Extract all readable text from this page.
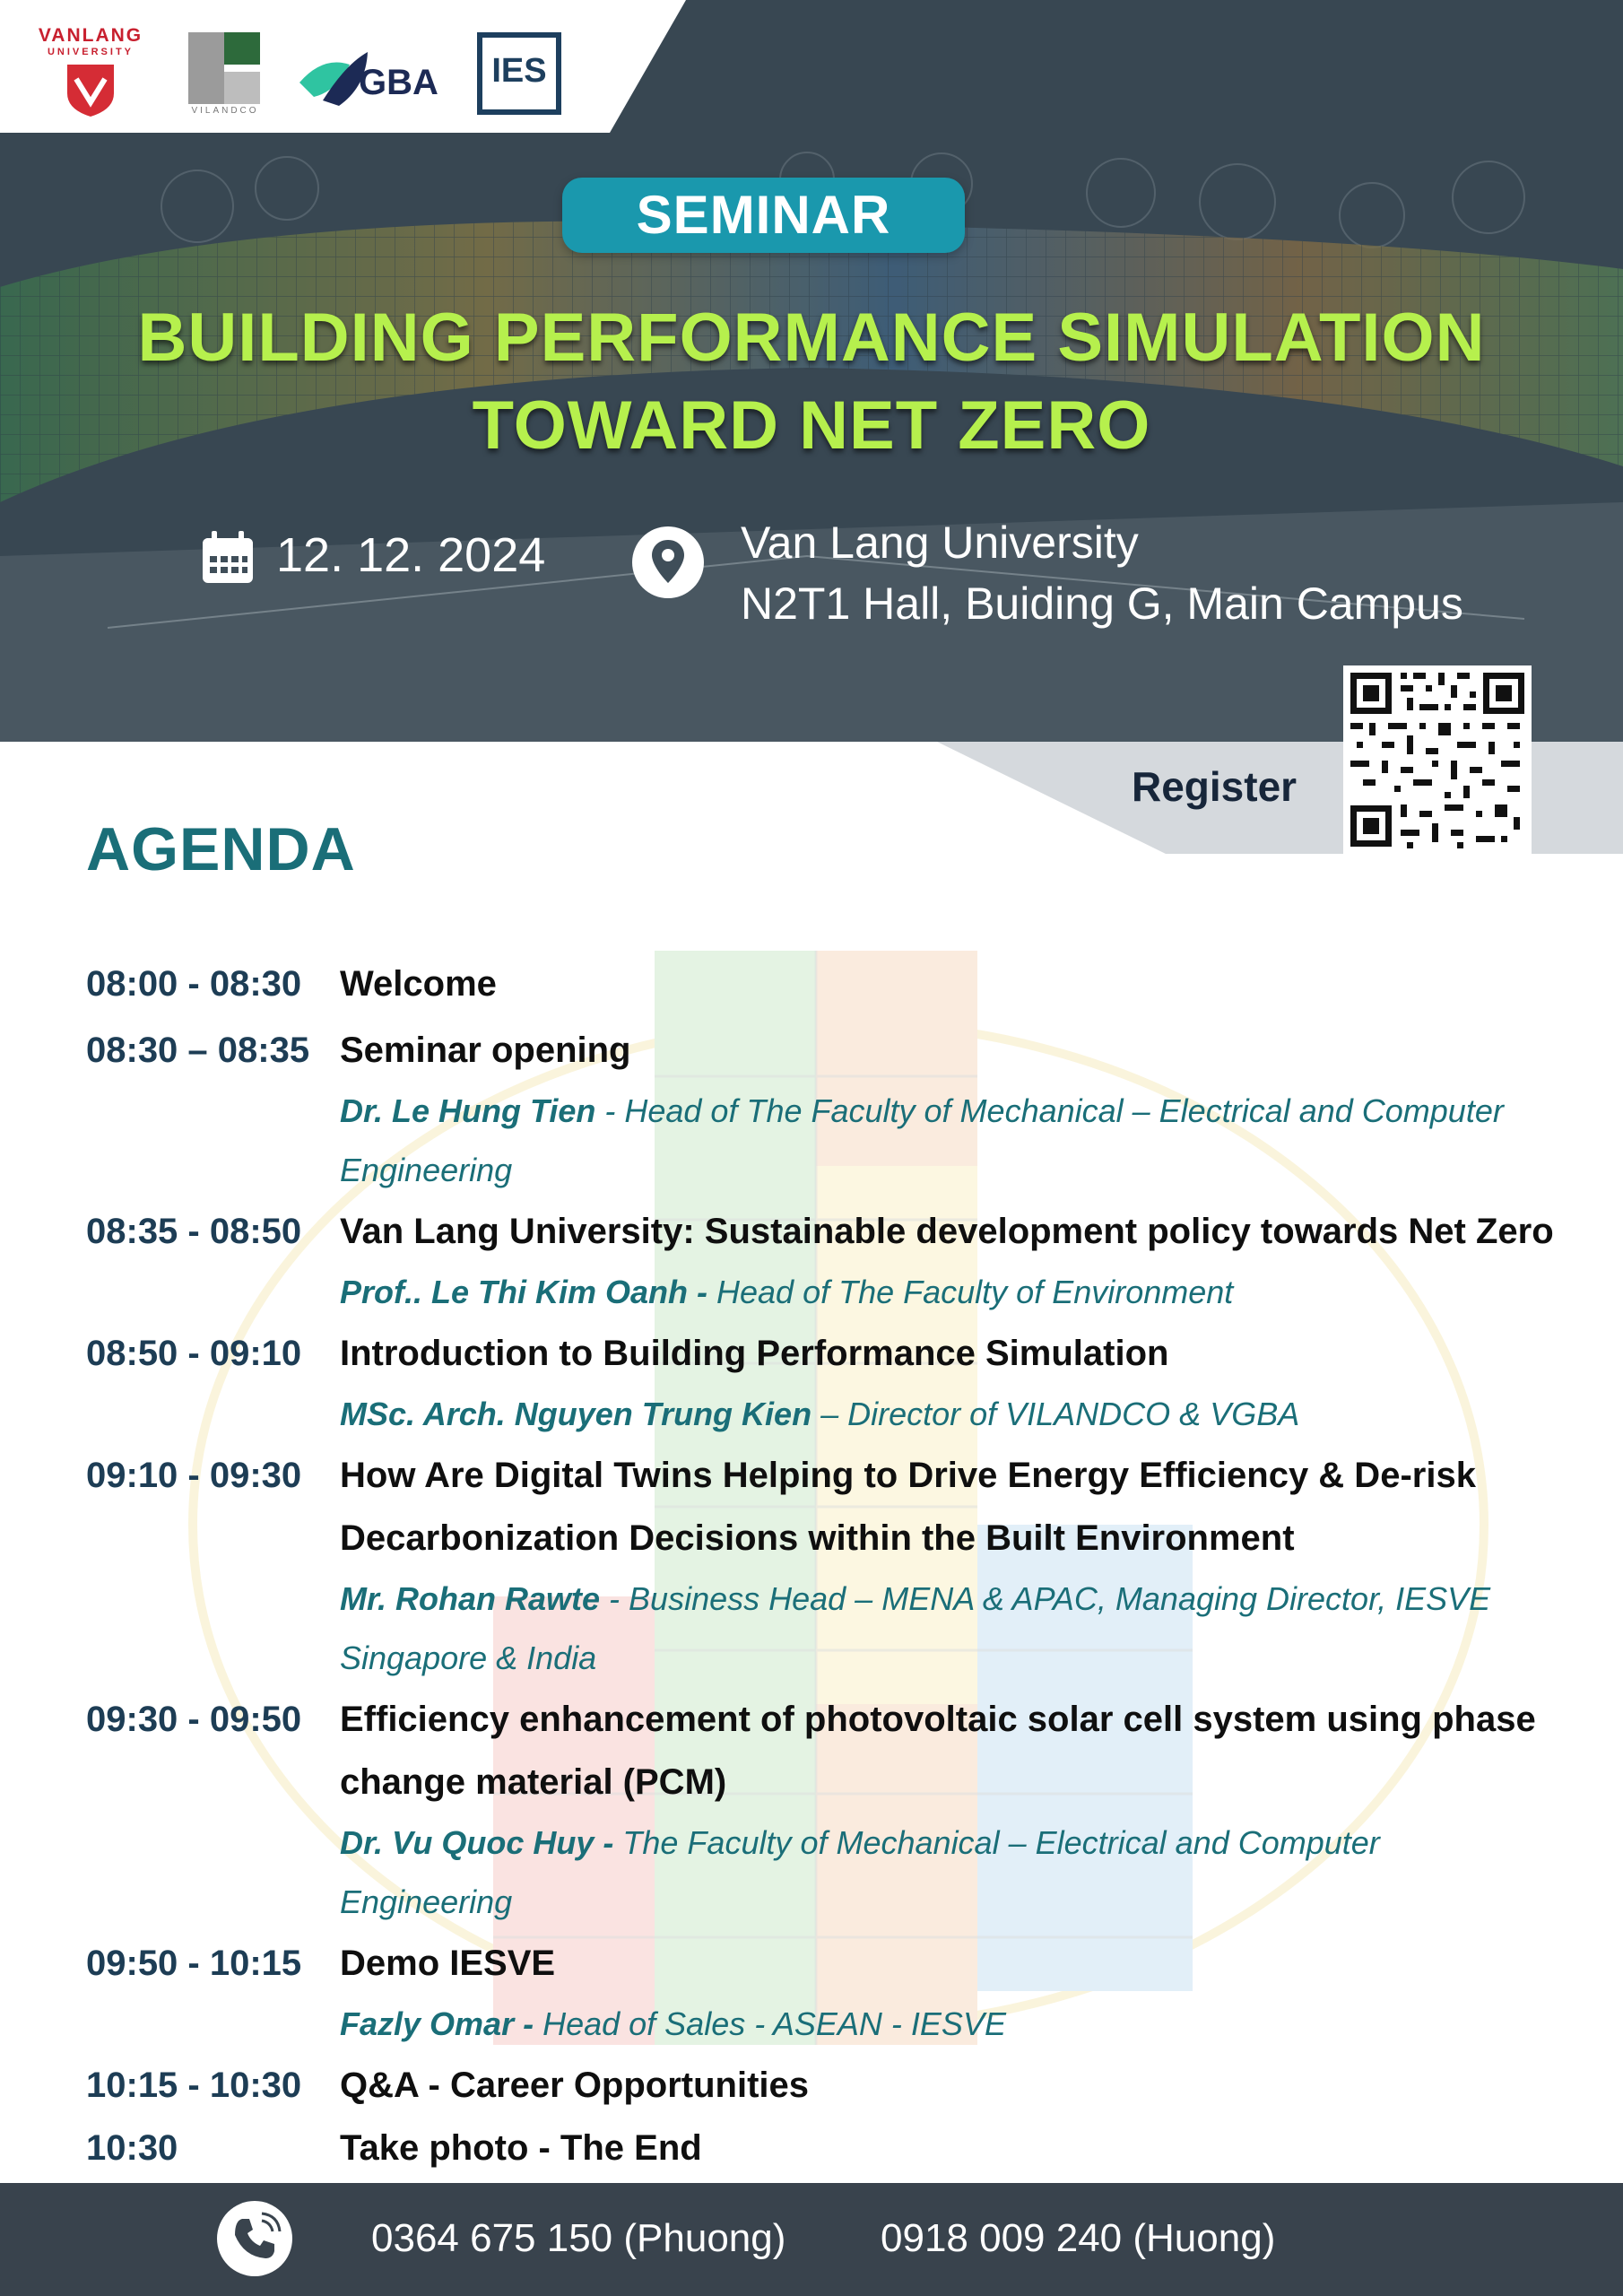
VANLANG
UNIVERSITY
VILANDCO
GBA	IES
SEMINAR
BUILDING PERFORMANCE SIMULATION
TOWARD NET ZERO
12. 12. 2024	Van Lang University
N2T1 Hall, Buiding G, Main Campus
Register
AGENDA
08:00 - 08:30	Welcome
08:30 – 08:35 Seminar opening
Dr. Le Hung Tien - Head of The Faculty of Mechanical – Electrical and Computer Engineering
08:35 - 08:50	Van Lang University: Sustainable development policy towards Net Zero
Prof.. Le Thi Kim Oanh - Head of The Faculty of Environment
08:50 - 09:10	Introduction to Building Performance Simulation
MSc. Arch. Nguyen Trung Kien – Director of VILANDCO & VGBA
09:10 - 09:30	How Are Digital Twins Helping to Drive Energy Efficiency & De-risk Decarbonization Decisions within the Built Environment
Mr. Rohan Rawte - Business Head – MENA & APAC, Managing Director, IESVE Singapore & India
09:30 - 09:50	Efficiency enhancement of photovoltaic solar cell system using phase change material (PCM)
Dr. Vu Quoc Huy - The Faculty of Mechanical – Electrical and Computer Engineering
09:50 - 10:15	Demo IESVE
Fazly Omar - Head of Sales - ASEAN - IESVE
10:15 - 10:30	Q&A - Career Opportunities
10:30	Take photo - The End
0364 675 150 (Phuong) 0918 009 240 (Huong)
